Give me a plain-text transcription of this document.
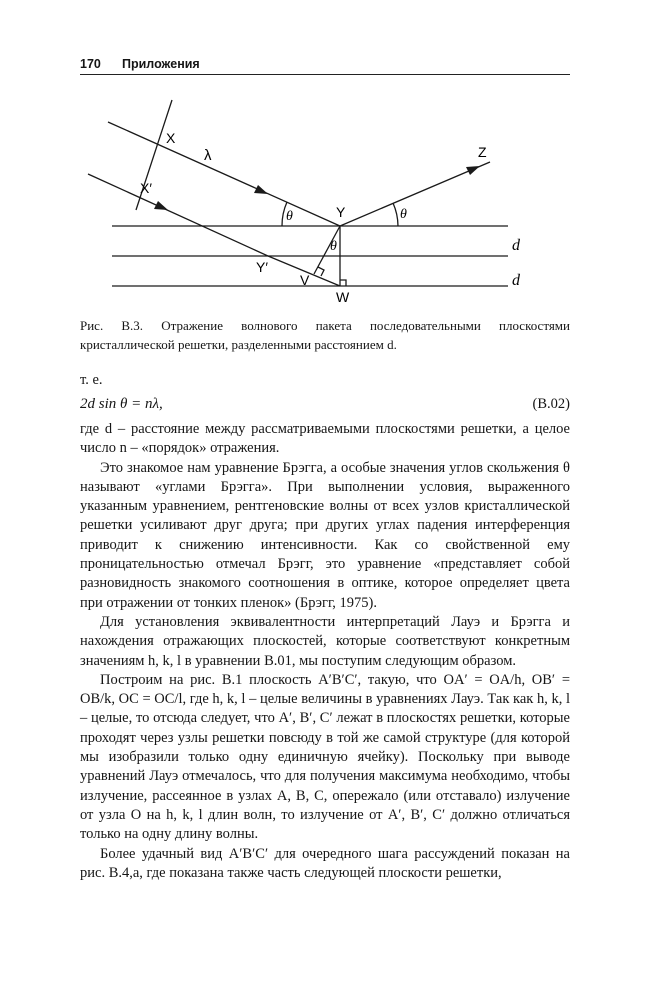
170 Приложения
X
X′
λ	Z
Y
Y′
V
W
θ	θ
θ	d
d
Рис. В.3. Отражение волнового пакета последовательными плоскостями кристаллической решетки, разделенными расстоянием d.
т. е.
2d sin θ = nλ,	(B.02)

где d – расстояние между рассматриваемыми плоскостями решетки, а целое число n – «порядок» отражения.

Это знакомое нам уравнение Брэгга, а особые значения углов скольжения θ называют «углами Брэгга». При выполнении условия, выраженного указанным уравнением, рентгеновские волны от всех узлов кристаллической решетки усиливают друг друга; при других углах падения интерференция приводит к снижению интенсивности. Как со свойственной ему проницательностью отмечал Брэгг, это уравнение «представляет собой разновидность знакомого соотношения в оптике, которое определяет цвета при отражении от тонких пленок» (Брэгг, 1975).

Для установления эквивалентности интерпретаций Лауэ и Брэгга и нахождения отражающих плоскостей, которые соответствуют конкретным значениям h, k, l в уравнении B.01, мы поступим следующим образом.

Построим на рис. B.1 плоскость A′B′C′, такую, что OA′ = OA/h, OB′ = OB/k, OC = OC/l, где h, k, l – целые величины в уравнениях Лауэ. Так как h, k, l – целые, то отсюда следует, что A′, B′, C′ лежат в плоскостях решетки, которые проходят через узлы решетки повсюду в той же самой структуре (для которой мы изобразили только одну единичную ячейку). Поскольку при выводе уравнений Лауэ отмечалось, что для получения максимума необходимо, чтобы излучение, рассеянное в узлах A, B, C, опережало (или отставало) излучение от узла O на h, k, l длин волн, то излучение от A′, B′, C′ должно отличаться только на одну длину волны.

Более удачный вид A′B′C′ для очередного шага рассуждений показан на рис. B.4,a, где показана также часть следующей плоскости решетки,
